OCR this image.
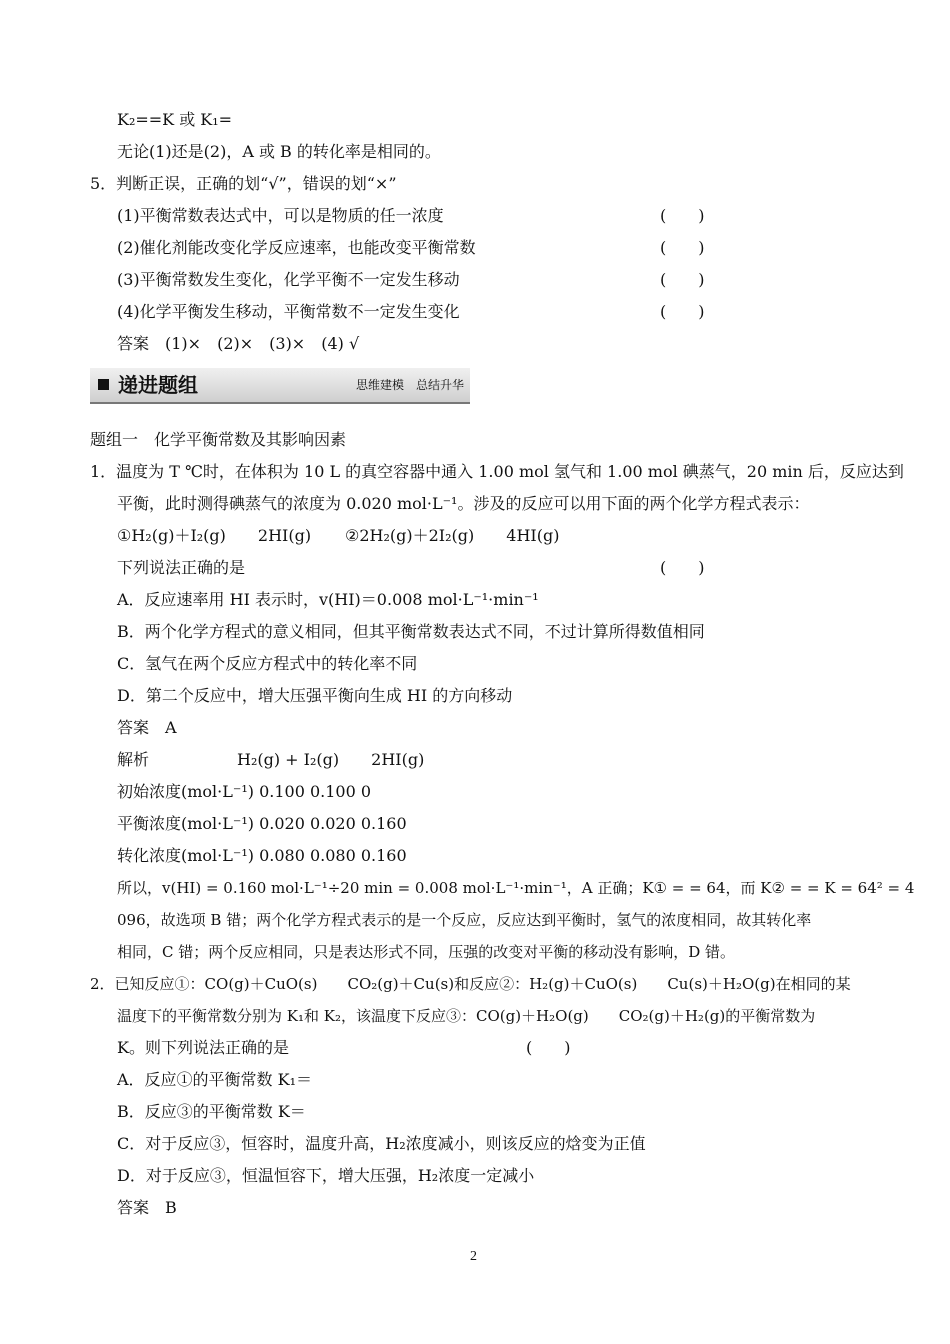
K₂==K 或 K₁=
无论(1)还是(2)，A 或 B 的转化率是相同的。
5．判断正误，正确的划“√”，错误的划“×”
(1)平衡常数表达式中，可以是物质的任一浓度	(　　)
(2)催化剂能改变化学反应速率，也能改变平衡常数	(　　)
(3)平衡常数发生变化，化学平衡不一定发生移动	(　　)
(4)化学平衡发生移动，平衡常数不一定发生变化	(　　)
答案　(1)×　(2)×　(3)×　(4) √
递进题组	思维建模　总结升华
题组一　化学平衡常数及其影响因素
1．温度为 T ℃时，在体积为 10 L 的真空容器中通入 1.00 mol 氢气和 1.00 mol 碘蒸气，20 min 后，反应达到
平衡，此时测得碘蒸气的浓度为 0.020 mol·L⁻¹。涉及的反应可以用下面的两个化学方程式表示：
①H₂(g)＋I₂(g)　　2HI(g) ②2H₂(g)＋2I₂(g)　　4HI(g)
下列说法正确的是	(　　)
A．反应速率用 HI 表示时，v(HI)＝0.008 mol·L⁻¹·min⁻¹
B．两个化学方程式的意义相同，但其平衡常数表达式不同，不过计算所得数值相同
C．氢气在两个反应方程式中的转化率不同
D．第二个反应中，增大压强平衡向生成 HI 的方向移动
答案　A
解析	H₂(g) + I₂(g)　　2HI(g)
初始浓度(mol·L⁻¹) 0.100 0.100 0
平衡浓度(mol·L⁻¹) 0.020 0.020 0.160
转化浓度(mol·L⁻¹) 0.080 0.080 0.160
所以，v(HI) = 0.160 mol·L⁻¹÷20 min = 0.008 mol·L⁻¹·min⁻¹，A 正确；K① = = 64，而 K② = = K = 64² = 4
096，故选项 B 错；两个化学方程式表示的是一个反应，反应达到平衡时，氢气的浓度相同，故其转化率
相同，C 错；两个反应相同，只是表达形式不同，压强的改变对平衡的移动没有影响，D 错。
2．已知反应①：CO(g)＋CuO(s)　　CO₂(g)＋Cu(s)和反应②：H₂(g)＋CuO(s)　　Cu(s)＋H₂O(g)在相同的某
温度下的平衡常数分别为 K₁和 K₂，该温度下反应③：CO(g)＋H₂O(g)　　CO₂(g)＋H₂(g)的平衡常数为
K。则下列说法正确的是	(　　)
A．反应①的平衡常数 K₁＝
B．反应③的平衡常数 K＝
C．对于反应③，恒容时，温度升高，H₂浓度减小，则该反应的焓变为正值
D．对于反应③，恒温恒容下，增大压强，H₂浓度一定减小
答案　B
2
